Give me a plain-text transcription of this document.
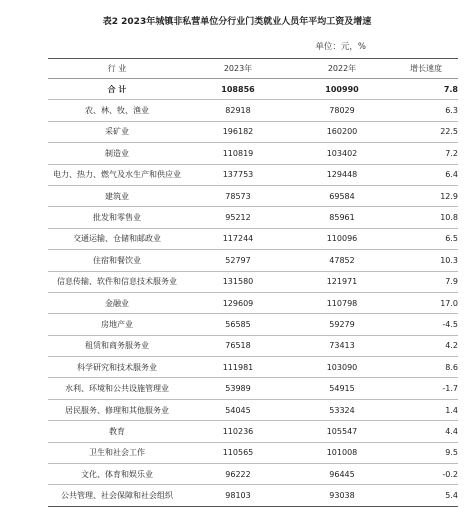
表2 2023年城镇非私营单位分行业门类就业人员年平均工资及增速
单位：元，%
行 业	2023年	2022年	增长速度
合 计	108856	100990	7.8
农、林、牧、渔业	82918	78029	6.3
采矿业	196182	160200	22.5
制造业	110819	103402	7.2
电力、热力、燃气及水生产和供应业	137753	129448	6.4
建筑业	78573	69584	12.9
批发和零售业	95212	85961	10.8
交通运输、仓储和邮政业	117244	110096	6.5
住宿和餐饮业	52797	47852	10.3
信息传输、软件和信息技术服务业	131580	121971	7.9
金融业	129609	110798	17.0
房地产业	56585	59279	-4.5
租赁和商务服务业	76518	73413	4.2
科学研究和技术服务业	111981	103090	8.6
水利、环境和公共设施管理业	53989	54915	-1.7
居民服务、修理和其他服务业	54045	53324	1.4
教育	110236	105547	4.4
卫生和社会工作	110565	101008	9.5
文化、体育和娱乐业	96222	96445	-0.2
公共管理、社会保障和社会组织	98103	93038	5.4
